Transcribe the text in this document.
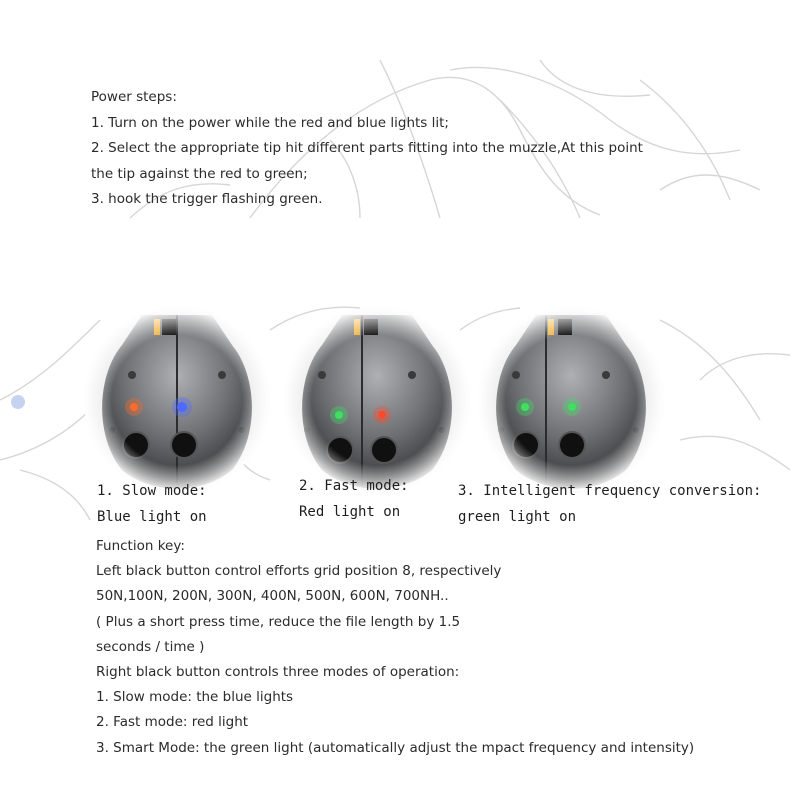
Power steps:
1. Turn on the power while the red and blue lights lit;
2. Select the appropriate tip hit different parts fitting into the muzzle,At this point
the tip against the red to green;
3. hook the trigger flashing green.
1. Slow mode:
Blue light on
2. Fast mode:
Red light on
3. Intelligent frequency conversion:
green light on
Function key:
Left black button control efforts grid position 8, respectively
50N,100N, 200N, 300N, 400N, 500N, 600N, 700NH..
( Plus a short press time, reduce the file length by 1.5
seconds / time )
Right black button controls three modes of operation:
1. Slow mode: the blue lights
2. Fast mode: red light
3. Smart Mode: the green light (automatically adjust the mpact frequency and intensity)
